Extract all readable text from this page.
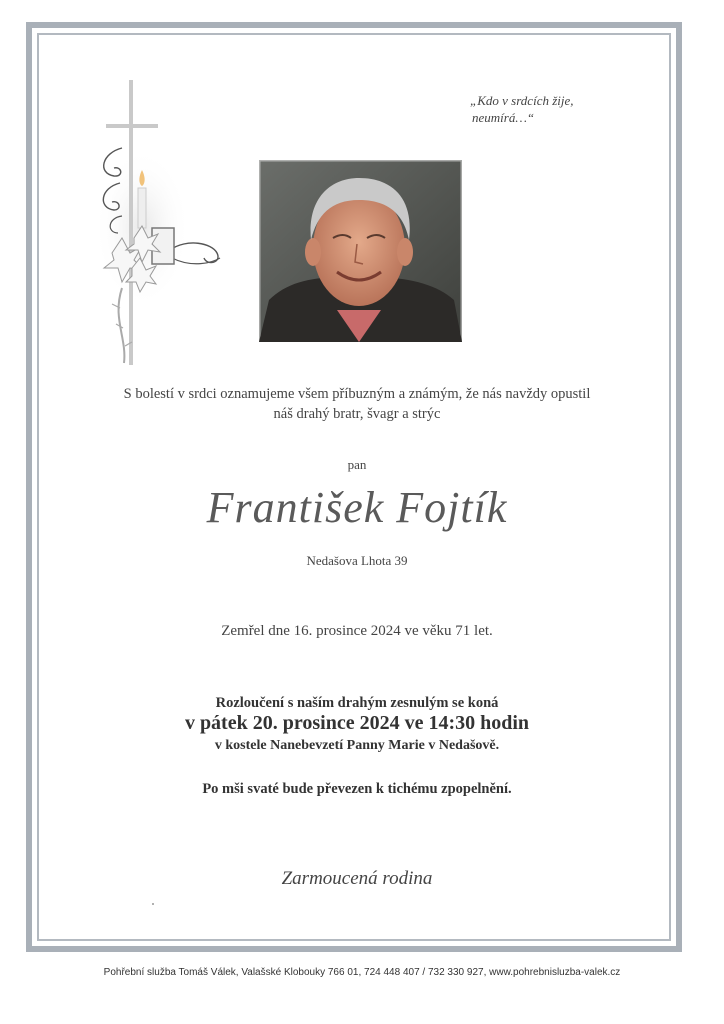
„Kdo v srdcích žije,
neumírá…“
S bolestí v srdci oznamujeme všem příbuzným a známým, že nás navždy opustil
náš drahý bratr, švagr a strýc
pan
František Fojtík
Nedašova Lhota 39
Zemřel dne 16. prosince 2024 ve věku 71 let.
Rozloučení s naším drahým zesnulým se koná
v pátek 20. prosince 2024 ve 14:30 hodin
v kostele Nanebevzetí Panny Marie v Nedašově.
Po mši svaté bude převezen k tichému zpopelnění.
Zarmoucená rodina
Pohřební služba Tomáš Válek, Valašské Klobouky 766 01, 724 448 407 / 732 330 927, www.pohrebnisluzba-valek.cz
